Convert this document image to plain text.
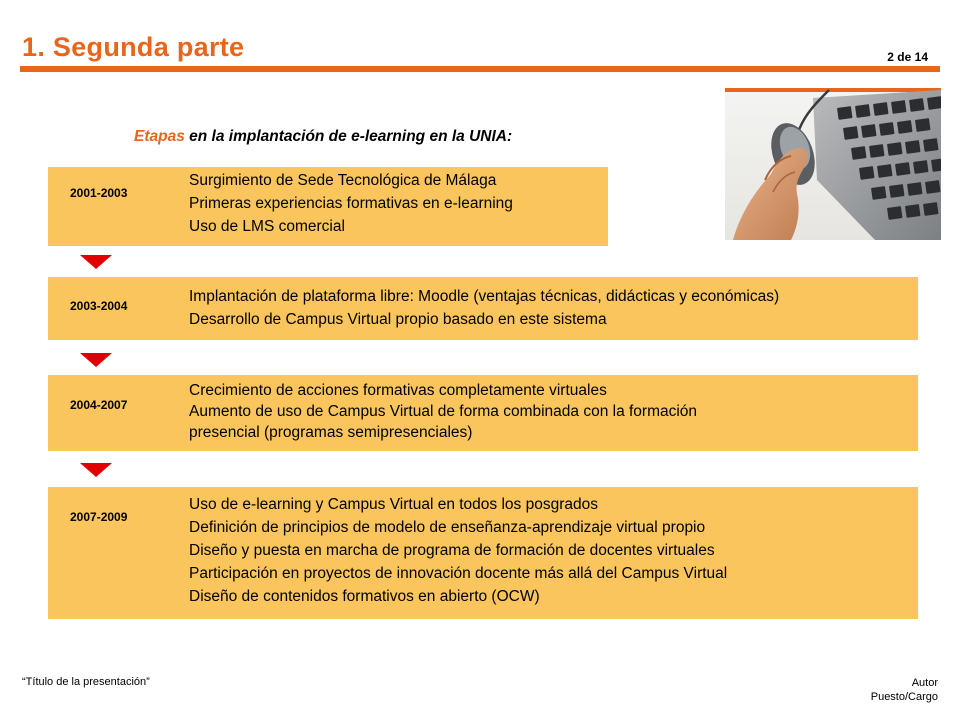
1. Segunda parte	2 de 14
Etapas en la implantación de e-learning en la UNIA:
2001-2003
Surgimiento de Sede Tecnológica de Málaga
Primeras experiencias formativas en e-learning
Uso de LMS comercial
2003-2004
Implantación de plataforma libre: Moodle (ventajas técnicas, didácticas y económicas)
Desarrollo de Campus Virtual propio basado en este sistema
2004-2007
Crecimiento de acciones formativas completamente virtuales
Aumento de uso de Campus Virtual de forma combinada con la formación
presencial (programas semipresenciales)
2007-2009
Uso de e-learning y Campus Virtual en todos los posgrados
Definición de principios de modelo de enseñanza-aprendizaje virtual propio
Diseño y puesta en marcha de programa de formación de docentes virtuales
Participación en proyectos de innovación docente más allá del Campus Virtual
Diseño de contenidos formativos en abierto (OCW)
“Título de la presentación”	Autor
Puesto/Cargo
